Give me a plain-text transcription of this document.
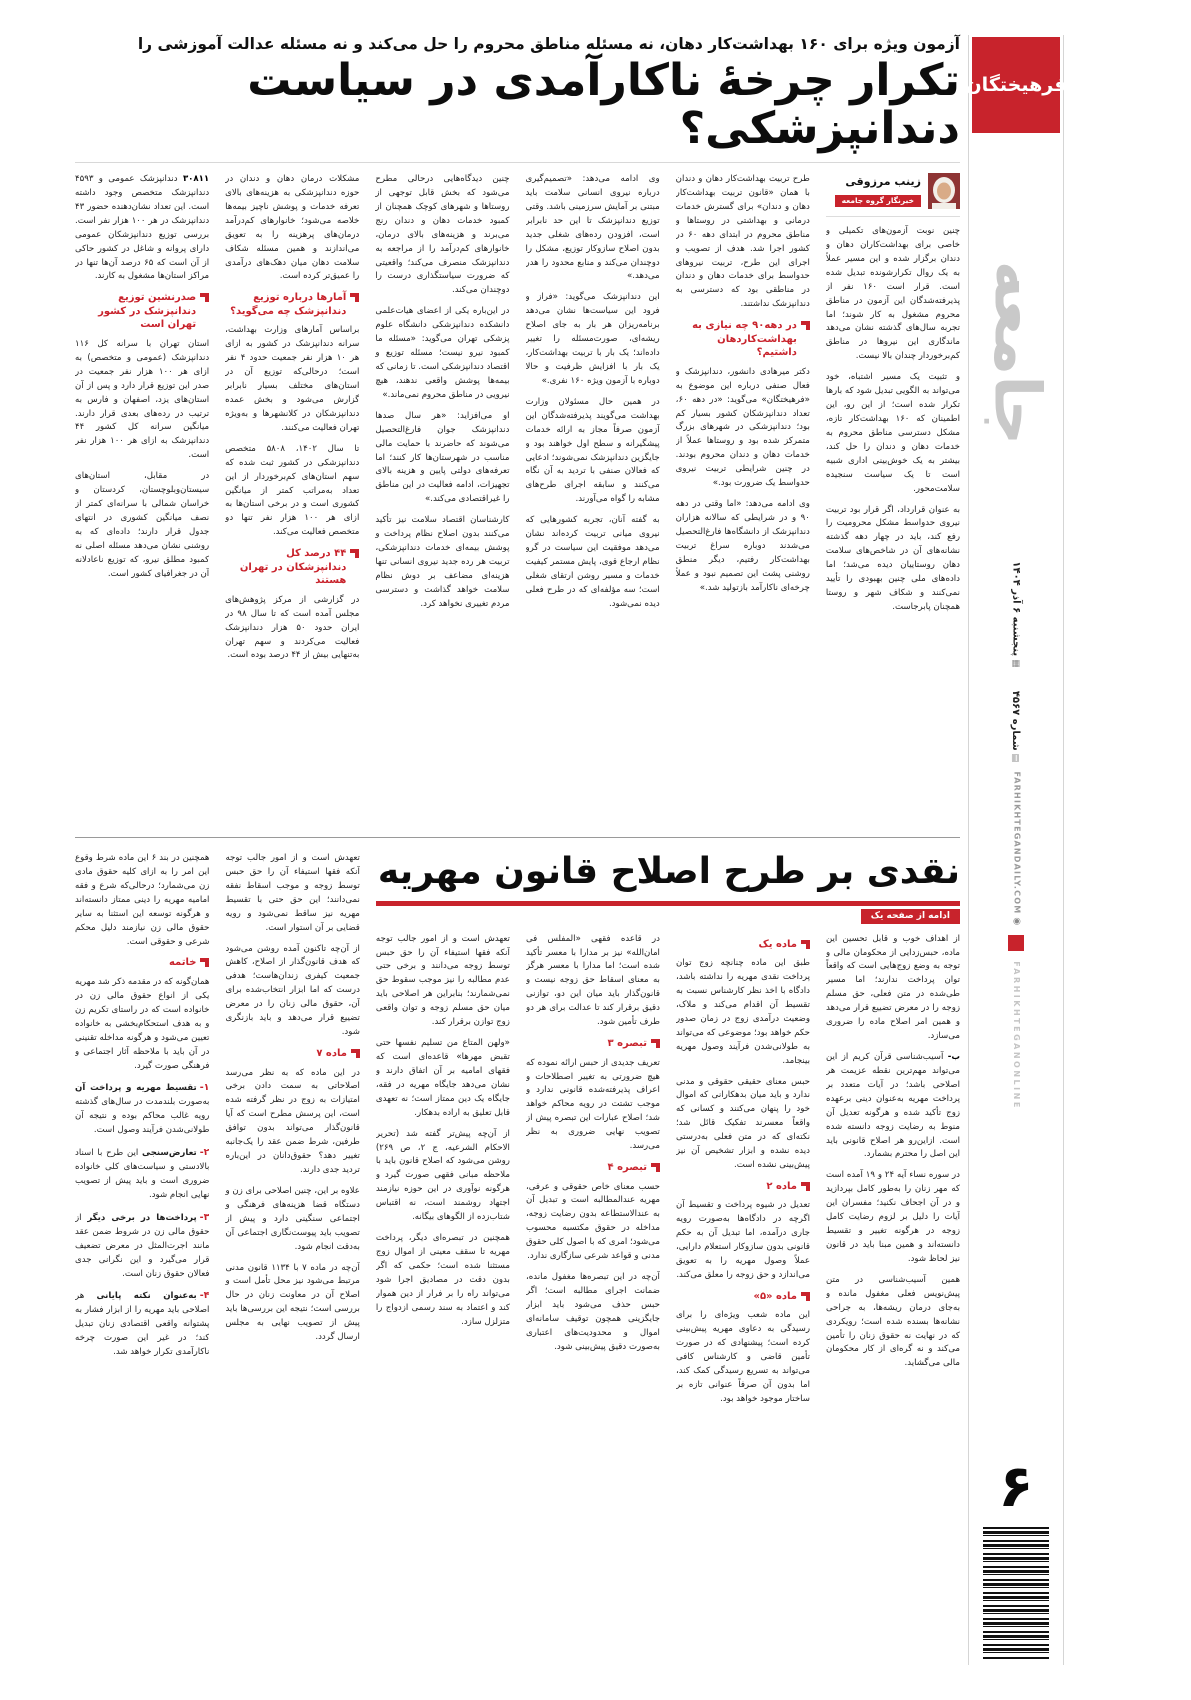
آزمون ویژه برای ۱۶۰ بهداشت‌کار دهان، نه مسئله مناطق محروم را حل می‌کند و نه مسئله عدالت آموزشی را
تکرار چرخهٔ ناکارآمدی در سیاست دندانپزشکی؟
زینب مرزوقی
خبرنگار گروه جامعه
چنین نوبت آزمون‌های تکمیلی و خاصی برای بهداشت‌کاران دهان و دندان برگزار شده و این مسیر عملاً به یک روال تکرارشونده تبدیل شده است. قرار است ۱۶۰ نفر از پذیرفته‌شدگان این آزمون در مناطق محروم مشغول به کار شوند؛ اما تجربه سال‌های گذشته نشان می‌دهد ماندگاری این نیروها در مناطق کم‌برخوردار چندان بالا نیست.
و تثبیت یک مسیر اشتباه، خود می‌تواند به الگویی تبدیل شود که بارها تکرار شده است؛ از این رو، این اطمینان که ۱۶۰ بهداشت‌کار تازه، مشکل دسترسی مناطق محروم به خدمات دهان و دندان را حل کند، بیشتر به یک خوش‌بینی اداری شبیه است تا یک سیاست سنجیده سلامت‌محور.
به عنوان قرارداد، اگر قرار بود تربیت نیروی حدواسط مشکل محرومیت را رفع کند، باید در چهار دهه گذشته نشانه‌های آن در شاخص‌های سلامت دهان روستاییان دیده می‌شد؛ اما داده‌های ملی چنین بهبودی را تأیید نمی‌کنند و شکاف شهر و روستا همچنان پابرجاست.
طرح تربیت بهداشت‌کار دهان و دندان با همان «قانون تربیت بهداشت‌کار دهان و دندان» برای گسترش خدمات درمانی و بهداشتی در روستاها و مناطق محروم در ابتدای دهه ۶۰ در کشور اجرا شد. هدف از تصویب و اجرای این طرح، تربیت نیروهای حدواسط برای خدمات دهان و دندان در مناطقی بود که دسترسی به دندانپزشک نداشتند.
در دهه۹۰ چه نیازی به بهداشت‌کاردهان داشتیم؟
دکتر میرهادی دانشور، دندانپزشک و فعال صنفی درباره این موضوع به «فرهیختگان» می‌گوید: «در دهه ۶۰، تعداد دندانپزشکان کشور بسیار کم بود؛ دندانپزشکی در شهرهای بزرگ متمرکز شده بود و روستاها عملاً از خدمات دهان و دندان محروم بودند. در چنین شرایطی تربیت نیروی حدواسط یک ضرورت بود.»
وی ادامه می‌دهد: «اما وقتی در دهه ۹۰ و در شرایطی که سالانه هزاران دندانپزشک از دانشگاه‌ها فارغ‌التحصیل می‌شدند دوباره سراغ تربیت بهداشت‌کار رفتیم، دیگر منطق روشنی پشت این تصمیم نبود و عملاً چرخه‌ای ناکارآمد بازتولید شد.»
وی ادامه می‌دهد: «تصمیم‌گیری درباره نیروی انسانی سلامت باید مبتنی بر آمایش سرزمینی باشد. وقتی توزیع دندانپزشک تا این حد نابرابر است، افزودن رده‌های شغلی جدید بدون اصلاح سازوکار توزیع، مشکل را دوچندان می‌کند و منابع محدود را هدر می‌دهد.»
این دندانپزشک می‌گوید: «فراز و فرود این سیاست‌ها نشان می‌دهد برنامه‌ریزان هر بار به جای اصلاح ریشه‌ای، صورت‌مسئله را تغییر داده‌اند؛ یک بار با تربیت بهداشت‌کار، یک بار با افزایش ظرفیت و حالا دوباره با آزمون ویژه ۱۶۰ نفری.»
در همین حال مسئولان وزارت بهداشت می‌گویند پذیرفته‌شدگان این آزمون صرفاً مجاز به ارائه خدمات پیشگیرانه و سطح اول خواهند بود و جایگزین دندانپزشک نمی‌شوند؛ ادعایی که فعالان صنفی با تردید به آن نگاه می‌کنند و سابقه اجرای طرح‌های مشابه را گواه می‌آورند.
به گفته آنان، تجربه کشورهایی که نیروی میانی تربیت کرده‌اند نشان می‌دهد موفقیت این سیاست در گرو نظام ارجاع قوی، پایش مستمر کیفیت خدمات و مسیر روشن ارتقای شغلی است؛ سه مؤلفه‌ای که در طرح فعلی دیده نمی‌شود.
چنین دیدگاه‌هایی درحالی مطرح می‌شود که بخش قابل توجهی از روستاها و شهرهای کوچک همچنان از کمبود خدمات دهان و دندان رنج می‌برند و هزینه‌های بالای درمان، خانوارهای کم‌درآمد را از مراجعه به دندانپزشک منصرف می‌کند؛ واقعیتی که ضرورت سیاستگذاری درست را دوچندان می‌کند.
در این‌باره یکی از اعضای هیات‌علمی دانشکده دندانپزشکی دانشگاه علوم پزشکی تهران می‌گوید: «مسئله ما کمبود نیرو نیست؛ مسئله توزیع و اقتصاد دندانپزشکی است. تا زمانی که بیمه‌ها پوشش واقعی ندهند، هیچ نیرویی در مناطق محروم نمی‌ماند.»
او می‌افزاید: «هر سال صدها دندانپزشک جوان فارغ‌التحصیل می‌شوند که حاضرند با حمایت مالی مناسب در شهرستان‌ها کار کنند؛ اما تعرفه‌های دولتی پایین و هزینه بالای تجهیزات، ادامه فعالیت در این مناطق را غیراقتصادی می‌کند.»
کارشناسان اقتصاد سلامت نیز تأکید می‌کنند بدون اصلاح نظام پرداخت و پوشش بیمه‌ای خدمات دندانپزشکی، تربیت هر رده جدید نیروی انسانی تنها هزینه‌ای مضاعف بر دوش نظام سلامت خواهد گذاشت و دسترسی مردم تغییری نخواهد کرد.
مشکلات درمان دهان و دندان در حوزه دندانپزشکی به هزینه‌های بالای تعرفه خدمات و پوشش ناچیز بیمه‌ها خلاصه می‌شود؛ خانوارهای کم‌درآمد درمان‌های پرهزینه را به تعویق می‌اندازند و همین مسئله شکاف سلامت دهان میان دهک‌های درآمدی را عمیق‌تر کرده است.
آمارها درباره توزیع دندانپزشک چه می‌گوید؟
براساس آمارهای وزارت بهداشت، سرانه دندانپزشک در کشور به ازای هر ۱۰ هزار نفر جمعیت حدود ۴ نفر است؛ درحالی‌که توزیع آن در استان‌های مختلف بسیار نابرابر گزارش می‌شود و بخش عمده دندانپزشکان در کلانشهرها و به‌ویژه تهران فعالیت می‌کنند.
تا سال ۱۴۰۲، ۵۸۰۸ متخصص دندانپزشکی در کشور ثبت شده که سهم استان‌های کم‌برخوردار از این تعداد به‌مراتب کمتر از میانگین کشوری است و در برخی استان‌ها به ازای هر ۱۰۰ هزار نفر تنها دو متخصص فعالیت می‌کند.
۴۴ درصد کل دندانپزشکان در تهران هستند
در گزارشی از مرکز پژوهش‌های مجلس آمده است که تا سال ۹۸ در ایران حدود ۵۰ هزار دندانپزشک فعالیت می‌کردند و سهم تهران به‌تنهایی بیش از ۴۴ درصد بوده است.
۳۰۸۱۱ دندانپزشک عمومی و ۴۵۹۳ دندانپزشک متخصص وجود داشته است. این تعداد نشان‌دهنده حضور ۴۳ دندانپزشک در هر ۱۰۰ هزار نفر است. بررسی توزیع دندانپزشکان عمومی دارای پروانه و شاغل در کشور حاکی از آن است که ۶۵ درصد آن‌ها تنها در مراکز استان‌ها مشغول به کارند.
صدرنشین توزیع دندانپزشک در کشور تهران است
استان تهران با سرانه کل ۱۱۶ دندانپزشک (عمومی و متخصص) به ازای هر ۱۰۰ هزار نفر جمعیت در صدر این توزیع قرار دارد و پس از آن استان‌های یزد، اصفهان و فارس به ترتیب در رده‌های بعدی قرار دارند. میانگین سرانه کل کشور ۴۴ دندانپزشک به ازای هر ۱۰۰ هزار نفر است.
در مقابل، استان‌های سیستان‌وبلوچستان، کردستان و خراسان شمالی با سرانه‌ای کمتر از نصف میانگین کشوری در انتهای جدول قرار دارند؛ داده‌ای که به روشنی نشان می‌دهد مسئله اصلی نه کمبود مطلق نیرو، که توزیع ناعادلانه آن در جغرافیای کشور است.
نقدی بر طرح اصلاح قانون مهریه
ادامه از صفحه یک
از اهداف خوب و قابل تحسین این ماده، حبس‌زدایی از محکومان مالی و توجه به وضع زوج‌هایی است که واقعاً توان پرداخت ندارند؛ اما مسیر طی‌شده در متن فعلی، حق مسلم زوجه را در معرض تضییع قرار می‌دهد و همین امر اصلاح ماده را ضروری می‌سازد.
ب- آسیب‌شناسی قرآن کریم از این می‌تواند مهم‌ترین نقطه عزیمت هر اصلاحی باشد؛ در آیات متعدد بر پرداخت مهریه به‌عنوان دینی برعهده زوج تأکید شده و هرگونه تعدیل آن منوط به رضایت زوجه دانسته شده است. ازاین‌رو هر اصلاح قانونی باید این اصل را محترم بشمارد.
در سوره نساء آیه ۲۴ و ۱۹ آمده است که مهر زنان را به‌طور کامل بپردازید و در آن اجحاف نکنید؛ مفسران این آیات را دلیل بر لزوم رضایت کامل زوجه در هرگونه تغییر و تقسیط دانسته‌اند و همین مبنا باید در قانون نیز لحاظ شود.
همین آسیب‌شناسی در متن پیش‌نویس فعلی مغفول مانده و به‌جای درمان ریشه‌ها، به جراحی نشانه‌ها بسنده شده است؛ رویکردی که در نهایت نه حقوق زنان را تأمین می‌کند و نه گره‌ای از کار محکومان مالی می‌گشاید.
ماده یک
طبق این ماده چنانچه زوج توان پرداخت نقدی مهریه را نداشته باشد، دادگاه با اخذ نظر کارشناس نسبت به تقسیط آن اقدام می‌کند و ملاک، وضعیت درآمدی زوج در زمان صدور حکم خواهد بود؛ موضوعی که می‌تواند به طولانی‌شدن فرآیند وصول مهریه بینجامد.
حبس معنای حقیقی حقوقی و مدنی ندارد و باید میان بدهکارانی که اموال خود را پنهان می‌کنند و کسانی که واقعاً معسرند تفکیک قائل شد؛ نکته‌ای که در متن فعلی به‌درستی دیده نشده و ابزار تشخیص آن نیز پیش‌بینی نشده است.
ماده ۲
تعدیل در شیوه پرداخت و تقسیط آن اگرچه در دادگاه‌ها به‌صورت رویه جاری درآمده، اما تبدیل آن به حکم قانونی بدون سازوکار استعلام دارایی، عملاً وصول مهریه را به تعویق می‌اندازد و حق زوجه را معلق می‌کند.
ماده «۵»
این ماده شعب ویژه‌ای را برای رسیدگی به دعاوی مهریه پیش‌بینی کرده است؛ پیشنهادی که در صورت تأمین قاضی و کارشناس کافی می‌تواند به تسریع رسیدگی کمک کند، اما بدون آن صرفاً عنوانی تازه بر ساختار موجود خواهد بود.
در قاعده فقهی «المفلس فی امان‌الله» نیز بر مدارا با معسر تأکید شده است؛ اما مدارا با معسر هرگز به معنای اسقاط حق زوجه نیست و قانون‌گذار باید میان این دو، توازنی دقیق برقرار کند تا عدالت برای هر دو طرف تأمین شود.
تبصره ۳
تعریف جدیدی از حبس ارائه نموده که هیچ ضرورتی به تغییر اصطلاحات و اعراف پذیرفته‌شده قانونی ندارد و موجب تشتت در رویه محاکم خواهد شد؛ اصلاح عبارات این تبصره پیش از تصویب نهایی ضروری به نظر می‌رسد.
تبصره ۴
حسب معنای خاص حقوقی و عرفی، مهریه عندالمطالبه است و تبدیل آن به عندالاستطاعه بدون رضایت زوجه، مداخله در حقوق مکتسبه محسوب می‌شود؛ امری که با اصول کلی حقوق مدنی و قواعد شرعی سازگاری ندارد.
آن‌چه در این تبصره‌ها مغفول مانده، ضمانت اجرای مطالبه است؛ اگر حبس حذف می‌شود باید ابزار جایگزینی همچون توقیف سامانه‌ای اموال و محدودیت‌های اعتباری به‌صورت دقیق پیش‌بینی شود.
تعهدش است و از امور جالب توجه آنکه فقها استیفاء آن را حق حبس توسط زوجه می‌دانند و برخی حتی عدم مطالبه را نیز موجب سقوط حق نمی‌شمارند؛ بنابراین هر اصلاحی باید میان حق مسلم زوجه و توان واقعی زوج توازن برقرار کند.
«ولهن المتاع من تسلیم نفسها حتی تقبض مهرها» قاعده‌ای است که فقهای امامیه بر آن اتفاق دارند و نشان می‌دهد جایگاه مهریه در فقه، جایگاه یک دین ممتاز است؛ نه تعهدی قابل تعلیق به اراده بدهکار.
از آن‌چه پیش‌تر گفته شد (تحریر الاحکام الشرعیه، ج ۲، ص ۲۶۹) روشن می‌شود که اصلاح قانون باید با ملاحظه مبانی فقهی صورت گیرد و هرگونه نوآوری در این حوزه نیازمند اجتهاد روشمند است، نه اقتباس شتاب‌زده از الگوهای بیگانه.
همچنین در تبصره‌ای دیگر، پرداخت مهریه تا سقف معینی از اموال زوج مستثنا شده است؛ حکمی که اگر بدون دقت در مصادیق اجرا شود می‌تواند راه را بر فرار از دین هموار کند و اعتماد به سند رسمی ازدواج را متزلزل سازد.
تعهدش است و از امور جالب توجه آنکه فقها استیفاء آن را حق حبس توسط زوجه و موجب اسقاط نفقه نمی‌دانند؛ این حق حتی با تقسیط مهریه نیز ساقط نمی‌شود و رویه قضایی بر آن استوار است.
از آن‌چه تاکنون آمده روشن می‌شود که هدف قانون‌گذار از اصلاح، کاهش جمعیت کیفری زندان‌هاست؛ هدفی درست که اما ابزار انتخاب‌شده برای آن، حقوق مالی زنان را در معرض تضییع قرار می‌دهد و باید بازنگری شود.
ماده ۷
در این ماده که به نظر می‌رسد اصلاحاتی به سمت دادن برخی امتیازات به زوج در نظر گرفته شده است، این پرسش مطرح است که آیا قانون‌گذار می‌تواند بدون توافق طرفین، شرط ضمن عقد را یک‌جانبه تغییر دهد؟ حقوق‌دانان در این‌باره تردید جدی دارند.
علاوه بر این، چنین اصلاحی برای زن و دستگاه قضا هزینه‌های فرهنگی و اجتماعی سنگینی دارد و پیش از تصویب باید پیوست‌نگاری اجتماعی آن به‌دقت انجام شود.
آن‌چه در ماده ۷ با ۱۱۳۴ قانون مدنی مرتبط می‌شود نیز محل تأمل است و اصلاح آن در معاونت زنان در حال بررسی است؛ نتیجه این بررسی‌ها باید پیش از تصویب نهایی به مجلس ارسال گردد.
همچنین در بند ۶ این ماده شرط وقوع این امر را به ازای کلیه حقوق مادی زن می‌شمارد؛ درحالی‌که شرع و فقه امامیه مهریه را دینی ممتاز دانسته‌اند و هرگونه توسعه این استثنا به سایر حقوق مالی زن نیازمند دلیل محکم شرعی و حقوقی است.
خاتمه
همان‌گونه که در مقدمه ذکر شد مهریه یکی از انواع حقوق مالی زن در خانواده است که در راستای تکریم زن و به هدف استحکام‌بخشی به خانواده تعیین می‌شود و هرگونه مداخله تقنینی در آن باید با ملاحظه آثار اجتماعی و فرهنگی صورت گیرد.
۱-تقسیط مهریه و پرداخت آن به‌صورت بلندمدت در سال‌های گذشته رویه غالب محاکم بوده و نتیجه آن طولانی‌شدن فرآیند وصول است.
۲-تعارض‌سنجی این طرح با اسناد بالادستی و سیاست‌های کلی خانواده ضروری است و باید پیش از تصویب نهایی انجام شود.
۳-پرداخت‌ها در برخی دیگر از حقوق مالی زن در شروط ضمن عقد مانند اجرت‌المثل در معرض تضعیف قرار می‌گیرد و این نگرانی جدی فعالان حقوق زنان است.
۴-به‌عنوان نکته پایانی هر اصلاحی باید مهریه را از ابزار فشار به پشتوانه واقعی اقتصادی زنان تبدیل کند؛ در غیر این صورت چرخه ناکارآمدی تکرار خواهد شد.
فرهیختگان
جامعه
▦پنجشنبه ۶ آذر ۱۴۰۴
▤شماره ۴۵۶۷
◉FARHIKHTEGANDAILY.COM
FARHIKHTEGANONLINE
۶
